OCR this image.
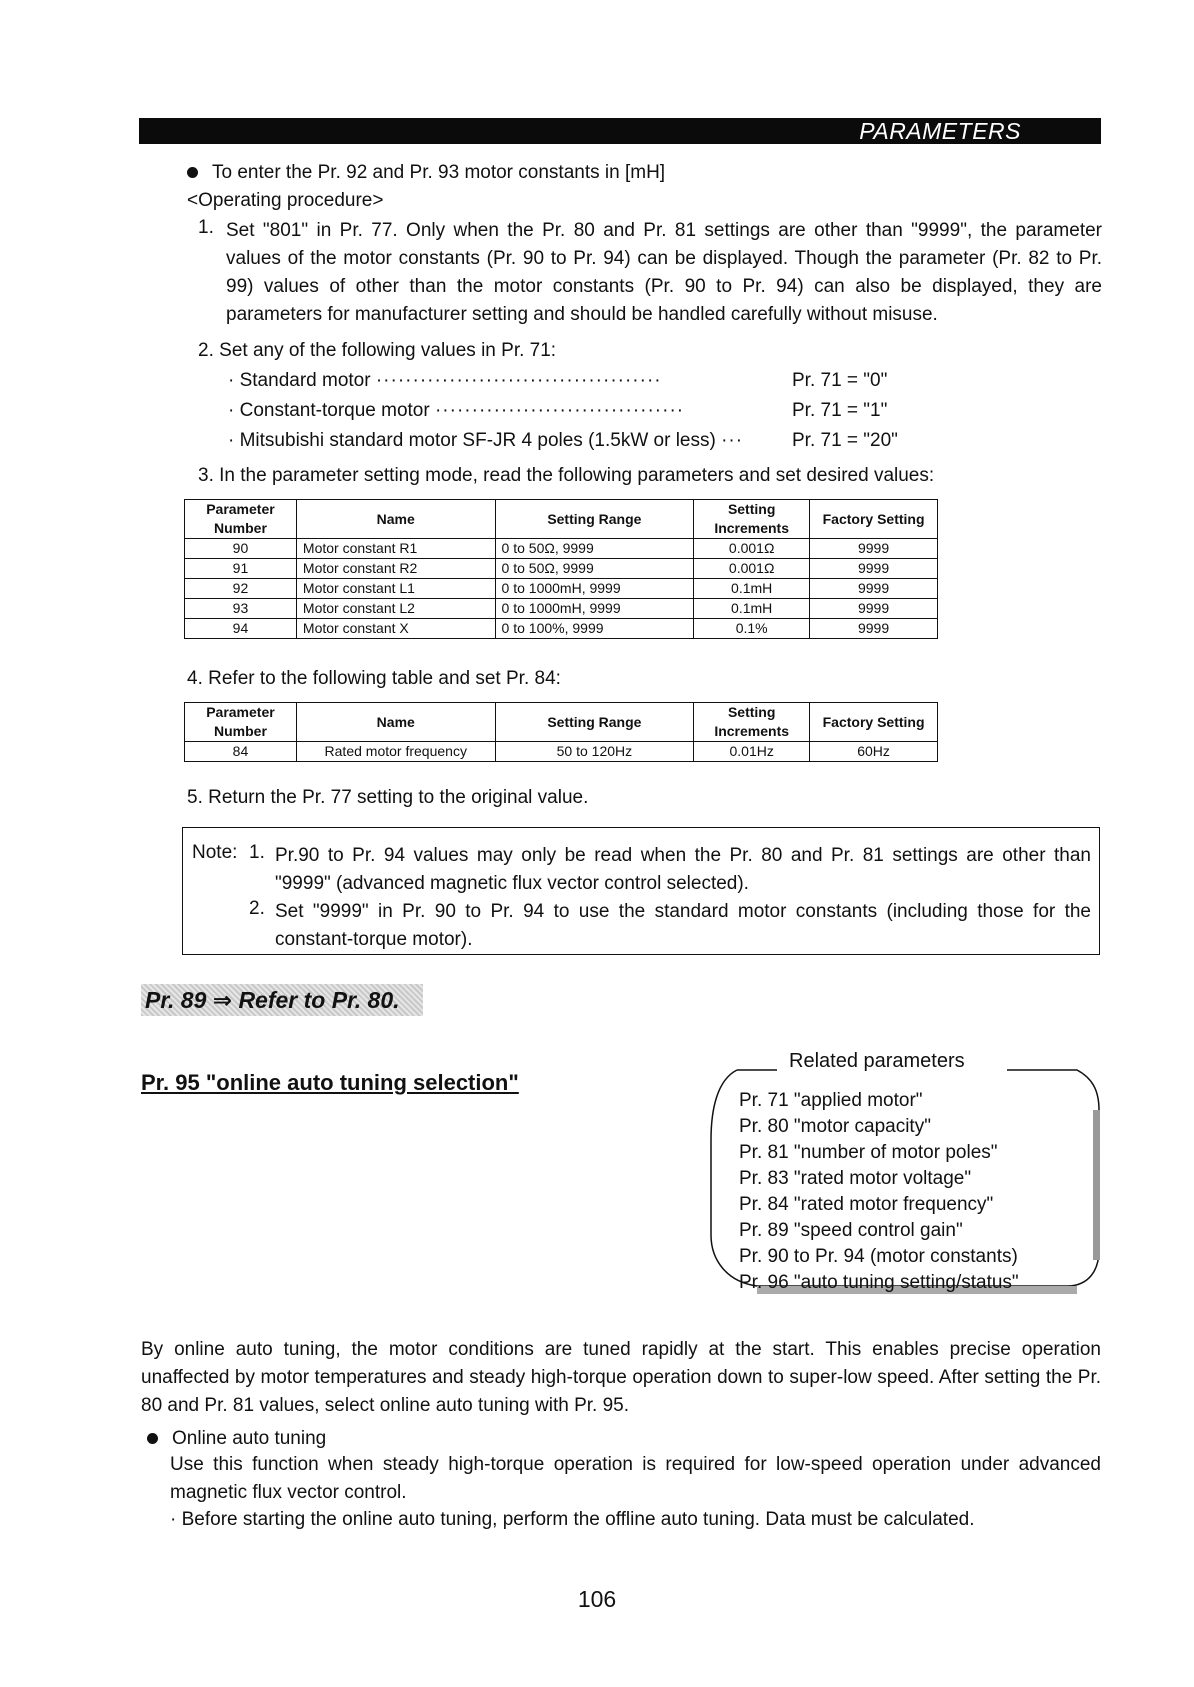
PARAMETERS
To enter the Pr. 92 and Pr. 93 motor constants in [mH]
<Operating procedure>
1. Set "801" in Pr. 77. Only when the Pr. 80 and Pr. 81 settings are other than "9999", the parameter values of the motor constants (Pr. 90 to Pr. 94) can be displayed. Though the parameter (Pr. 82 to Pr. 99) values of other than the motor constants (Pr. 90 to Pr. 94) can also be displayed, they are parameters for manufacturer setting and should be handled carefully without misuse.
2. Set any of the following values in Pr. 71:
· Standard motor ·······································	Pr. 71 = "0"
· Constant-torque motor ··································	Pr. 71 = "1"
· Mitsubishi standard motor SF-JR 4 poles (1.5kW or less) ···	Pr. 71 = "20"
3. In the parameter setting mode, read the following parameters and set desired values:
Parameter Number	Name	Setting Range	Setting Increments	Factory Setting
90	Motor constant R1	0 to 50Ω, 9999	0.001Ω	9999
91	Motor constant R2	0 to 50Ω, 9999	0.001Ω	9999
92	Motor constant L1	0 to 1000mH, 9999	0.1mH	9999
93	Motor constant L2	0 to 1000mH, 9999	0.1mH	9999
94	Motor constant X	0 to 100%, 9999	0.1%	9999
4. Refer to the following table and set Pr. 84:
Parameter Number	Name	Setting Range	Setting Increments	Factory Setting
84	Rated motor frequency	50 to 120Hz	0.01Hz	60Hz
5. Return the Pr. 77 setting to the original value.
Note: 1. Pr.90 to Pr. 94 values may only be read when the Pr. 80 and Pr. 81 settings are other than "9999" (advanced magnetic flux vector control selected).
2. Set "9999" in Pr. 90 to Pr. 94 to use the standard motor constants (including those for the constant-torque motor).
Pr. 89 ⇒ Refer to Pr. 80.
Pr. 95 "online auto tuning selection"
Related parameters
Pr. 71 "applied motor"
Pr. 80 "motor capacity"
Pr. 81 "number of motor poles"
Pr. 83 "rated motor voltage"
Pr. 84 "rated motor frequency"
Pr. 89 "speed control gain"
Pr. 90 to Pr. 94 (motor constants)
Pr. 96 "auto tuning setting/status"
By online auto tuning, the motor conditions are tuned rapidly at the start. This enables precise operation unaffected by motor temperatures and steady high-torque operation down to super-low speed. After setting the Pr. 80 and Pr. 81 values, select online auto tuning with Pr. 95.
Online auto tuning
Use this function when steady high-torque operation is required for low-speed operation under advanced magnetic flux vector control.
· Before starting the online auto tuning, perform the offline auto tuning. Data must be calculated.
106
